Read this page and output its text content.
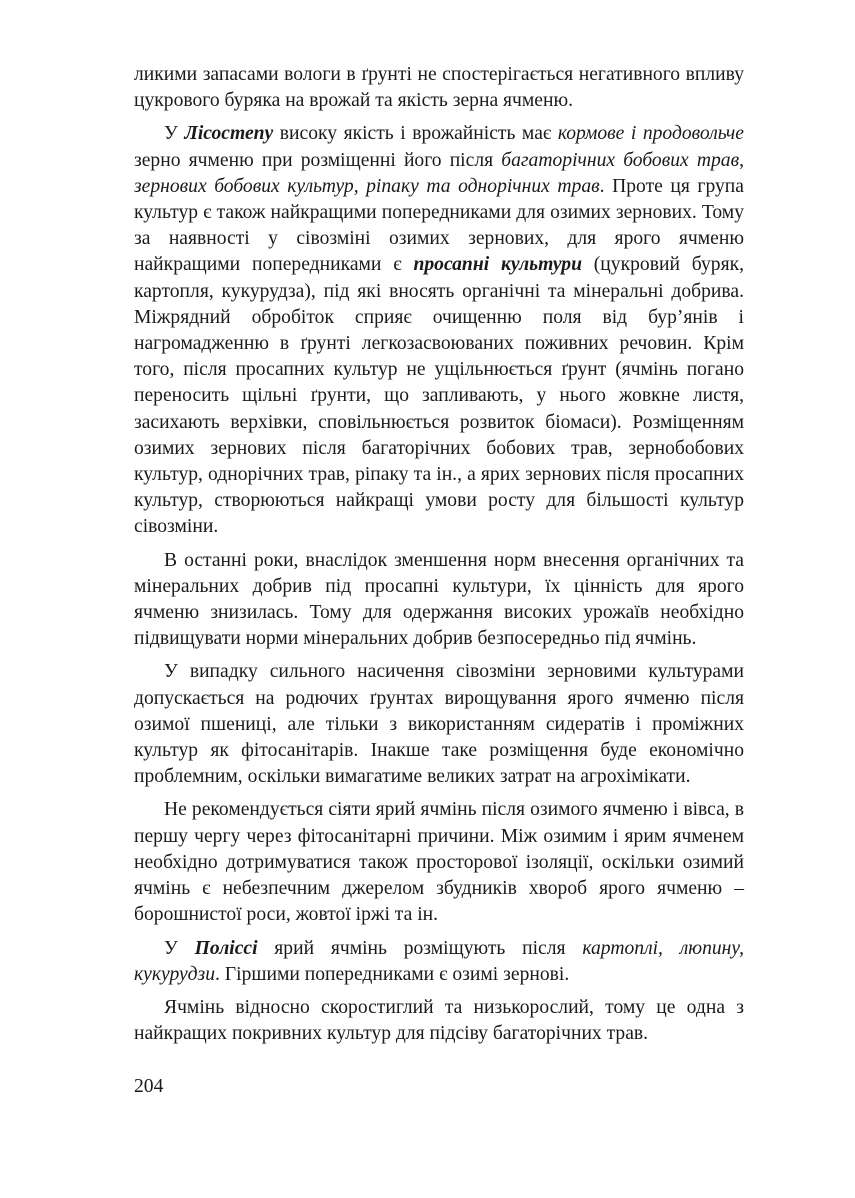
ликими запасами вологи в ґрунті не спостерігається негативного впливу цукрового буряка на врожай та якість зерна ячменю.

У Лісостепу високу якість і врожайність має кормове і продовольче зерно ячменю при розміщенні його після багаторічних бобових трав, зернових бобових культур, ріпаку та однорічних трав. Проте ця група культур є також найкращими попередниками для озимих зернових. Тому за наявності у сівозміні озимих зернових, для ярого ячменю найкращими попередниками є просапні культури (цукровий буряк, картопля, кукурудза), під які вносять органічні та мінеральні добрива. Міжрядний обробіток сприяє очищенню поля від бур’янів і нагромадженню в ґрунті легкозасвоюваних поживних речовин. Крім того, після просапних культур не ущільнюється ґрунт (ячмінь погано переносить щільні ґрунти, що запливають, у нього жовкне листя, засихають верхівки, сповільнюється розвиток біомаси). Розміщенням озимих зернових після багаторічних бобових трав, зернобобових культур, однорічних трав, ріпаку та ін., а ярих зернових після просапних культур, створюються найкращі умови росту для більшості культур сівозміни.

В останні роки, внаслідок зменшення норм внесення органічних та мінеральних добрив під просапні культури, їх цінність для ярого ячменю знизилась. Тому для одержання високих урожаїв необхідно підвищувати норми мінеральних добрив безпосередньо під ячмінь.

У випадку сильного насичення сівозміни зерновими культурами допускається на родючих ґрунтах вирощування ярого ячменю після озимої пшениці, але тільки з використанням сидератів і проміжних культур як фітосанітарів. Інакше таке розміщення буде економічно проблемним, оскільки вимагатиме великих затрат на агрохімікати.

Не рекомендується сіяти ярий ячмінь після озимого ячменю і вівса, в першу чергу через фітосанітарні причини. Між озимим і ярим ячменем необхідно дотримуватися також просторової ізоляції, оскільки озимий ячмінь є небезпечним джерелом збудників хвороб ярого ячменю – борошнистої роси, жовтої іржі та ін.

У Поліссі ярий ячмінь розміщують після картоплі, люпину, кукурудзи. Гіршими попередниками є озимі зернові.

Ячмінь відносно скоростиглий та низькорослий, тому це одна з найкращих покривних культур для підсіву багаторічних трав.

204
